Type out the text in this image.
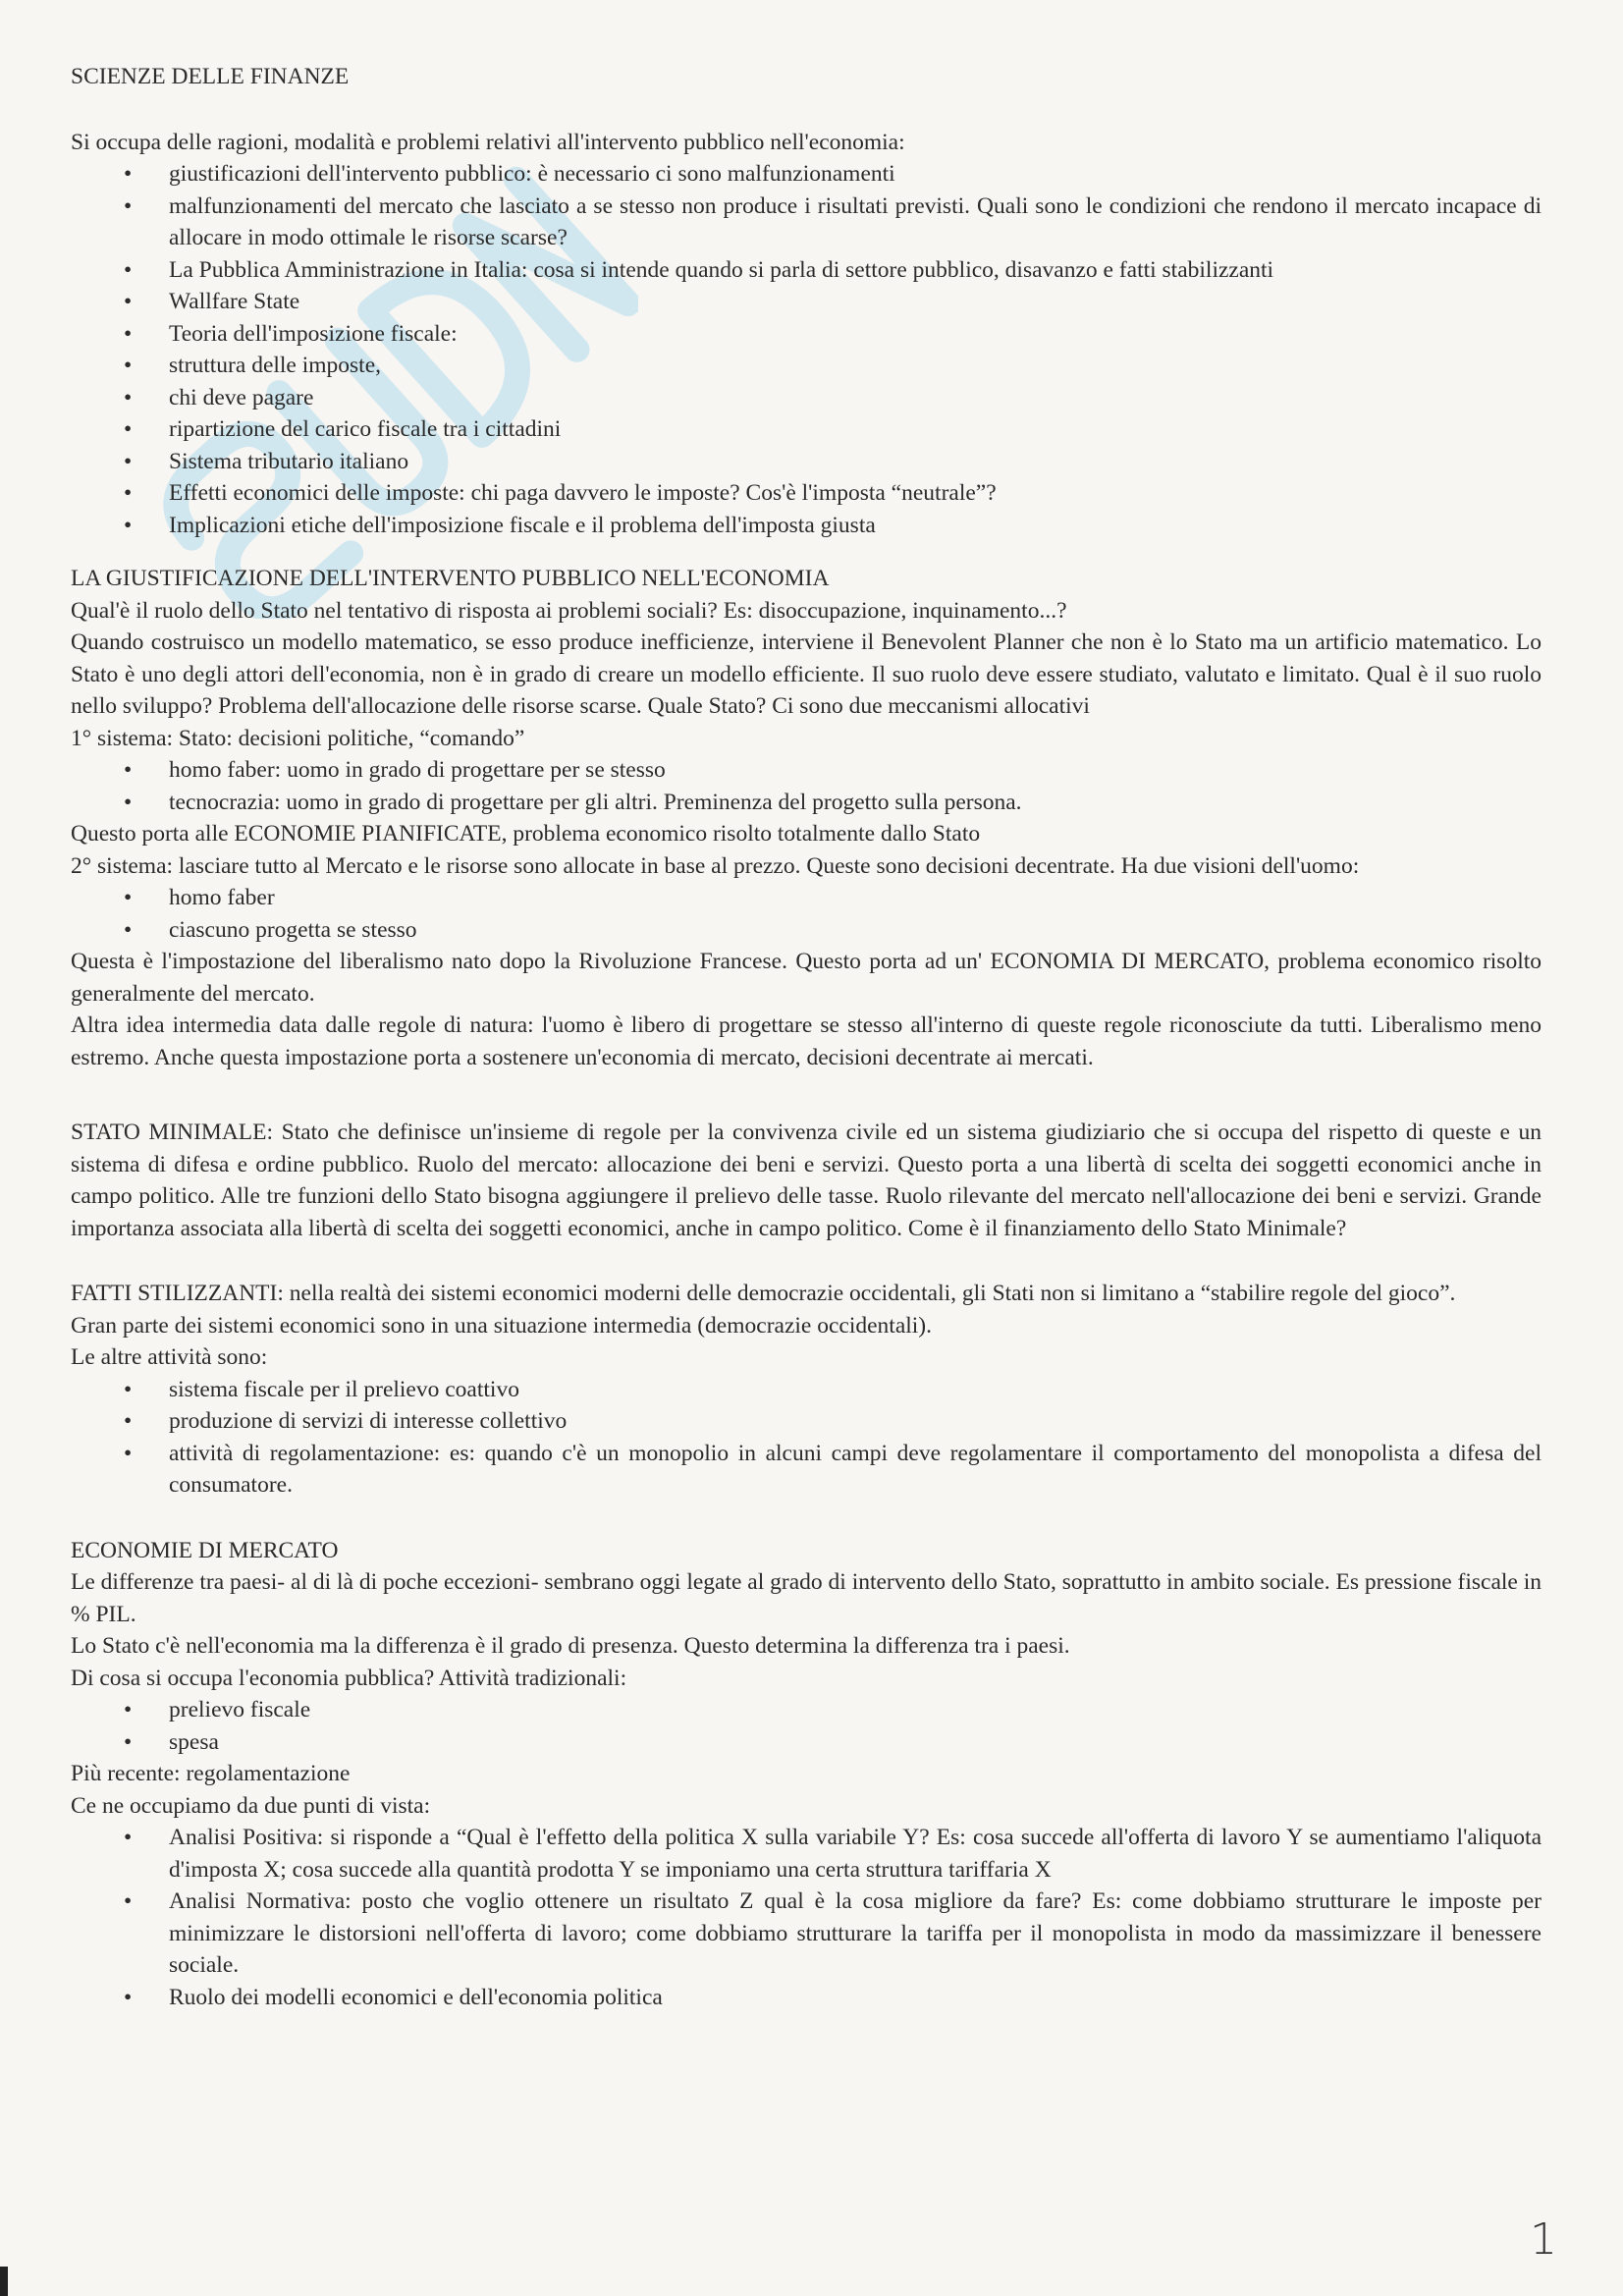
SCIENZE DELLE FINANZE

Si occupa delle ragioni, modalità e problemi relativi all'intervento pubblico nell'economia:

• giustificazioni dell'intervento pubblico: è necessario ci sono malfunzionamenti
• malfunzionamenti del mercato che lasciato a se stesso non produce i risultati previsti. Quali sono le condizioni che rendono il mercato incapace di allocare in modo ottimale le risorse scarse?
• La Pubblica Amministrazione in Italia: cosa si intende quando si parla di settore pubblico, disavanzo e fatti stabilizzanti
• Wallfare State
• Teoria dell'imposizione fiscale:
• struttura delle imposte,
• chi deve pagare
• ripartizione del carico fiscale tra i cittadini
• Sistema tributario italiano
• Effetti economici delle imposte: chi paga davvero le imposte? Cos'è l'imposta “neutrale”?
• Implicazioni etiche dell'imposizione fiscale e il problema dell'imposta giusta

LA GIUSTIFICAZIONE DELL'INTERVENTO PUBBLICO NELL'ECONOMIA

Qual'è il ruolo dello Stato nel tentativo di risposta ai problemi sociali? Es: disoccupazione, inquinamento...?

Quando costruisco un modello matematico, se esso produce inefficienze, interviene il Benevolent Planner che non è lo Stato ma un artificio matematico. Lo Stato è uno degli attori dell'economia, non è in grado di creare un modello efficiente. Il suo ruolo deve essere studiato, valutato e limitato. Qual è il suo ruolo nello sviluppo? Problema dell'allocazione delle risorse scarse. Quale Stato? Ci sono due meccanismi allocativi

1° sistema: Stato: decisioni politiche, “comando”

• homo faber: uomo in grado di progettare per se stesso
• tecnocrazia: uomo in grado di progettare per gli altri. Preminenza del progetto sulla persona.

Questo porta alle ECONOMIE PIANIFICATE, problema economico risolto totalmente dallo Stato

2° sistema: lasciare tutto al Mercato e le risorse sono allocate in base al prezzo. Queste sono decisioni decentrate. Ha due visioni dell'uomo:

• homo faber
• ciascuno progetta se stesso

Questa è l'impostazione del liberalismo nato dopo la Rivoluzione Francese. Questo porta ad un' ECONOMIA DI MERCATO, problema economico risolto generalmente del mercato.

Altra idea intermedia data dalle regole di natura: l'uomo è libero di progettare se stesso all'interno di queste regole riconosciute da tutti. Liberalismo meno estremo. Anche questa impostazione porta a sostenere un'economia di mercato, decisioni decentrate ai mercati.

STATO MINIMALE: Stato che definisce un'insieme di regole per la convivenza civile ed un sistema giudiziario che si occupa del rispetto di queste e un sistema di difesa e ordine pubblico. Ruolo del mercato: allocazione dei beni e servizi. Questo porta a una libertà di scelta dei soggetti economici anche in campo politico. Alle tre funzioni dello Stato bisogna aggiungere il prelievo delle tasse. Ruolo rilevante del mercato nell'allocazione dei beni e servizi. Grande importanza associata alla libertà di scelta dei soggetti economici, anche in campo politico. Come è il finanziamento dello Stato Minimale?

FATTI STILIZZANTI: nella realtà dei sistemi economici moderni delle democrazie occidentali, gli Stati non si limitano a “stabilire regole del gioco”.

Gran parte dei sistemi economici sono in una situazione intermedia (democrazie occidentali).

Le altre attività sono:

• sistema fiscale per il prelievo coattivo
• produzione di servizi di interesse collettivo
• attività di regolamentazione: es: quando c'è un monopolio in alcuni campi deve regolamentare il comportamento del monopolista a difesa del consumatore.

ECONOMIE DI MERCATO

Le differenze tra paesi- al di là di poche eccezioni- sembrano oggi legate al grado di intervento dello Stato, soprattutto in ambito sociale. Es pressione fiscale in % PIL.

Lo Stato c'è nell'economia ma la differenza è il grado di presenza. Questo determina la differenza tra i paesi.

Di cosa si occupa l'economia pubblica? Attività tradizionali:

• prelievo fiscale
• spesa

Più recente: regolamentazione

Ce ne occupiamo da due punti di vista:

• Analisi Positiva: si risponde a “Qual è l'effetto della politica X sulla variabile Y? Es: cosa succede all'offerta di lavoro Y se aumentiamo l'aliquota d'imposta X; cosa succede alla quantità prodotta Y se imponiamo una certa struttura tariffaria X
• Analisi Normativa: posto che voglio ottenere un risultato Z qual è la cosa migliore da fare? Es: come dobbiamo strutturare le imposte per minimizzare le distorsioni nell'offerta di lavoro; come dobbiamo strutturare la tariffa per il monopolista in modo da massimizzare il benessere sociale.
• Ruolo dei modelli economici e dell'economia politica
1
